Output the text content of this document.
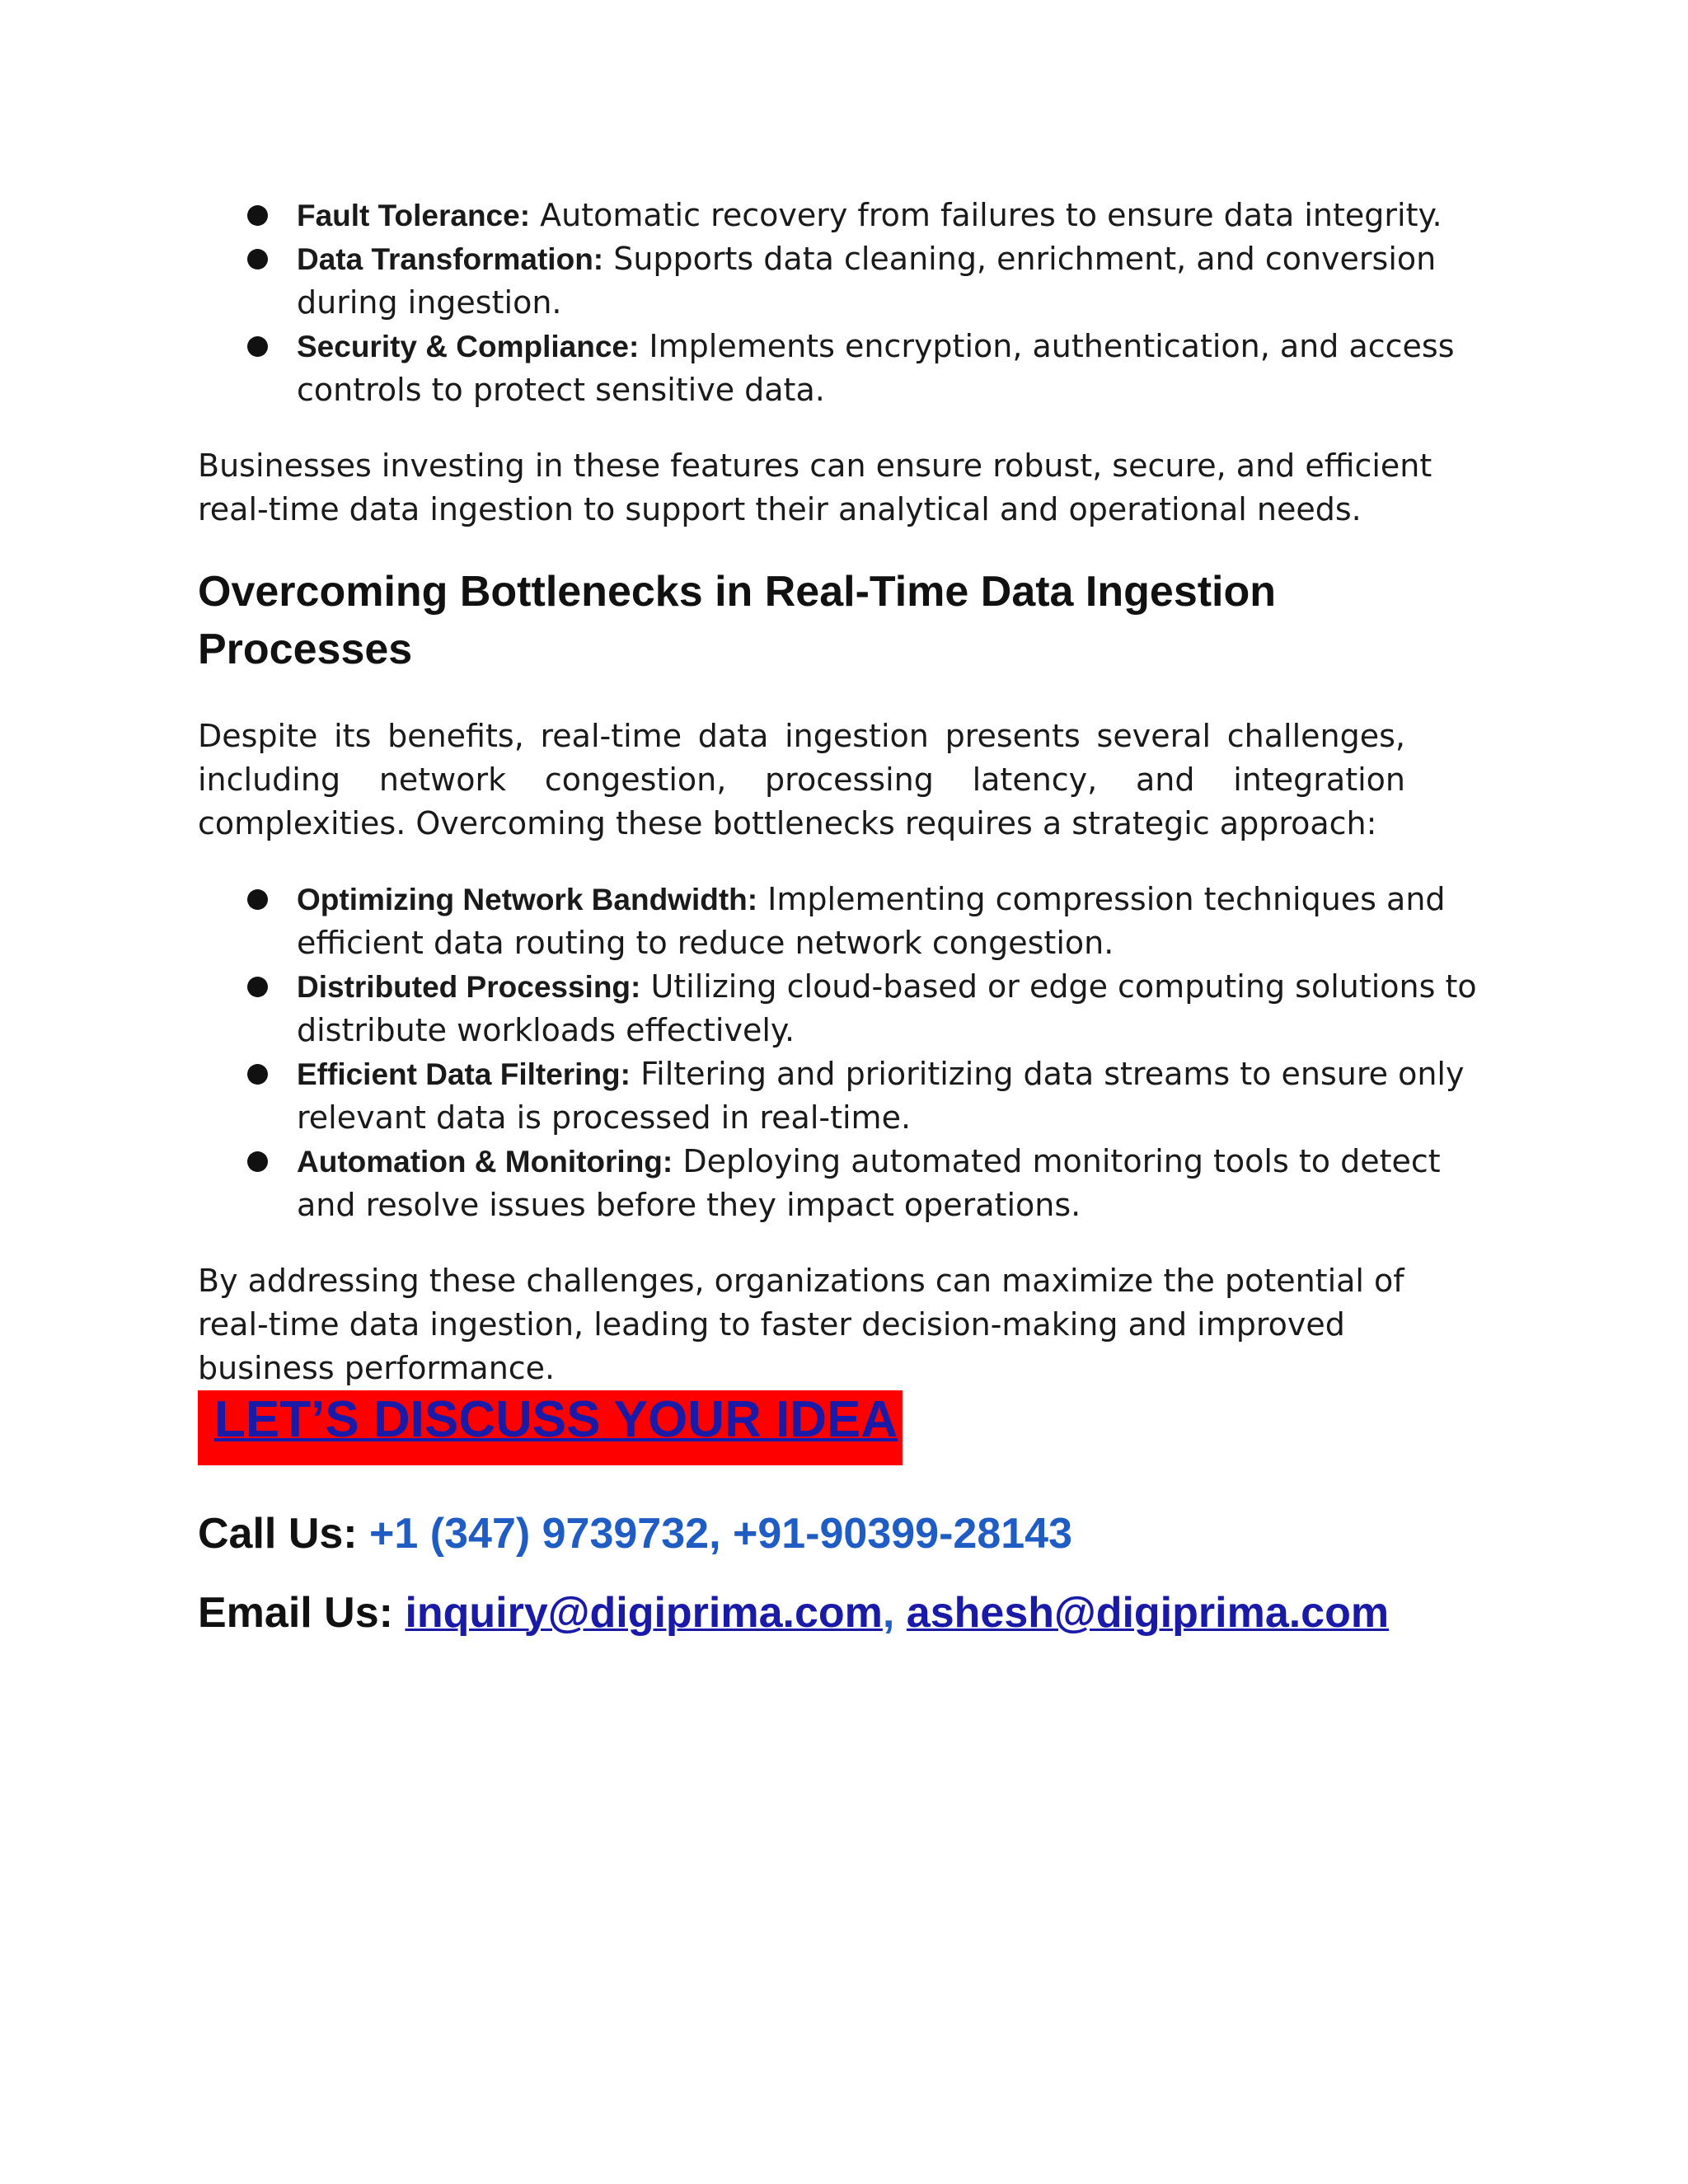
Fault Tolerance: Automatic recovery from failures to ensure data integrity.
Data Transformation: Supports data cleaning, enrichment, and conversion during ingestion.
Security & Compliance: Implements encryption, authentication, and access controls to protect sensitive data.

Businesses investing in these features can ensure robust, secure, and efficient real-time data ingestion to support their analytical and operational needs.

Overcoming Bottlenecks in Real-Time Data Ingestion Processes

Despite its benefits, real-time data ingestion presents several challenges, including network congestion, processing latency, and integration complexities. Overcoming these bottlenecks requires a strategic approach:

Optimizing Network Bandwidth: Implementing compression techniques and efficient data routing to reduce network congestion.
Distributed Processing: Utilizing cloud-based or edge computing solutions to distribute workloads effectively.
Efficient Data Filtering: Filtering and prioritizing data streams to ensure only relevant data is processed in real-time.
Automation & Monitoring: Deploying automated monitoring tools to detect and resolve issues before they impact operations.

By addressing these challenges, organizations can maximize the potential of real-time data ingestion, leading to faster decision-making and improved business performance.

LET’S DISCUSS YOUR IDEA

Call Us: +1 (347) 9739732, +91-90399-28143

Email Us: inquiry@digiprima.com, ashesh@digiprima.com
